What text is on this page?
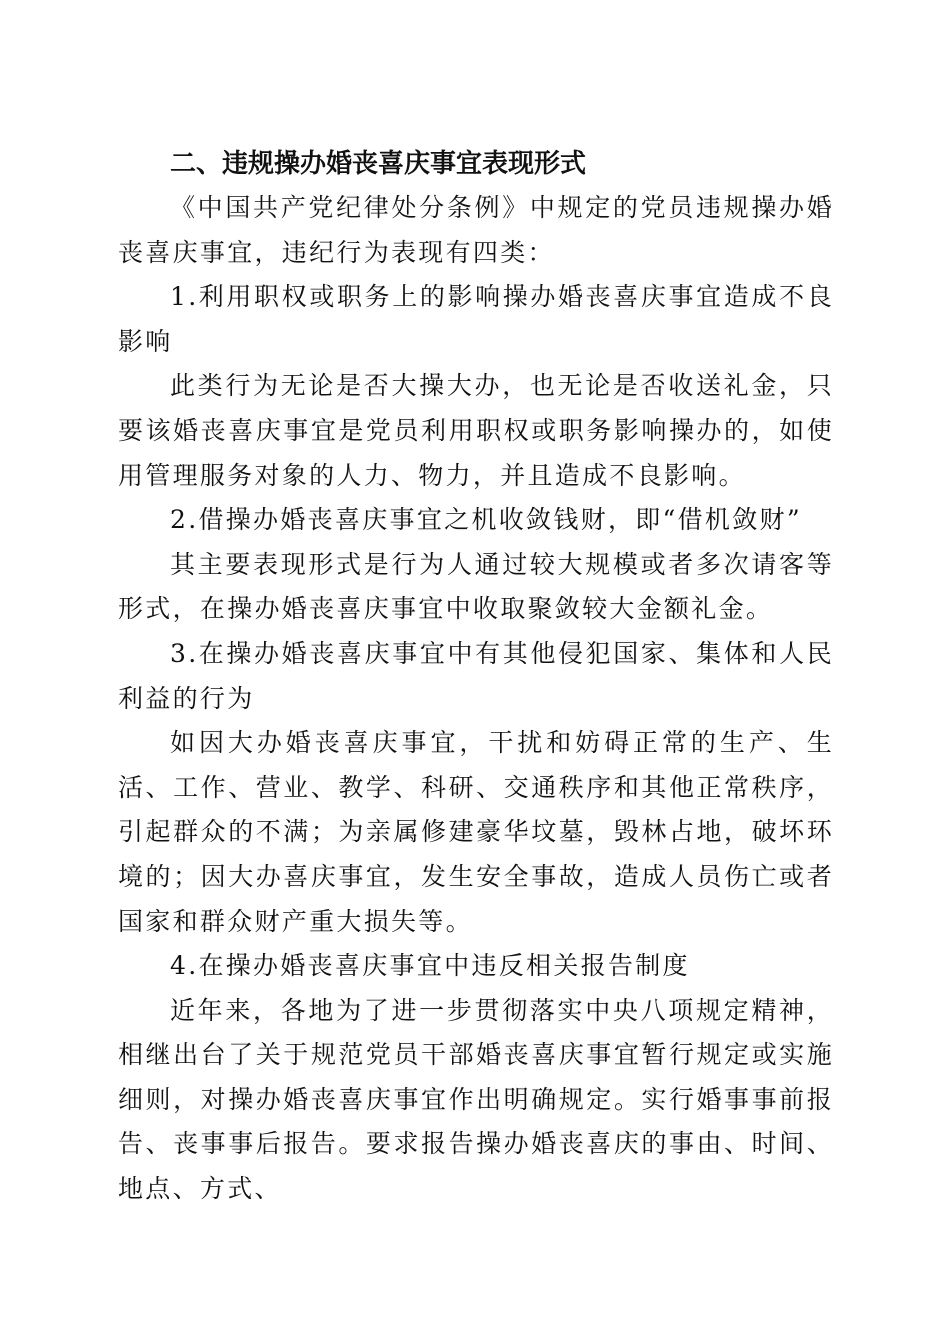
二、违规操办婚丧喜庆事宜表现形式

《中国共产党纪律处分条例》中规定的党员违规操办婚丧喜庆事宜，违纪行为表现有四类：

1.利用职权或职务上的影响操办婚丧喜庆事宜造成不良影响

此类行为无论是否大操大办，也无论是否收送礼金，只要该婚丧喜庆事宜是党员利用职权或职务影响操办的，如使用管理服务对象的人力、物力，并且造成不良影响。

2.借操办婚丧喜庆事宜之机收敛钱财，即“借机敛财”

其主要表现形式是行为人通过较大规模或者多次请客等形式，在操办婚丧喜庆事宜中收取聚敛较大金额礼金。

3.在操办婚丧喜庆事宜中有其他侵犯国家、集体和人民利益的行为

如因大办婚丧喜庆事宜，干扰和妨碍正常的生产、生活、工作、营业、教学、科研、交通秩序和其他正常秩序，引起群众的不满；为亲属修建豪华坟墓，毁林占地，破坏环境的；因大办喜庆事宜，发生安全事故，造成人员伤亡或者国家和群众财产重大损失等。

4.在操办婚丧喜庆事宜中违反相关报告制度

近年来，各地为了进一步贯彻落实中央八项规定精神，相继出台了关于规范党员干部婚丧喜庆事宜暂行规定或实施细则，对操办婚丧喜庆事宜作出明确规定。实行婚事事前报告、丧事事后报告。要求报告操办婚丧喜庆的事由、时间、地点、方式、
